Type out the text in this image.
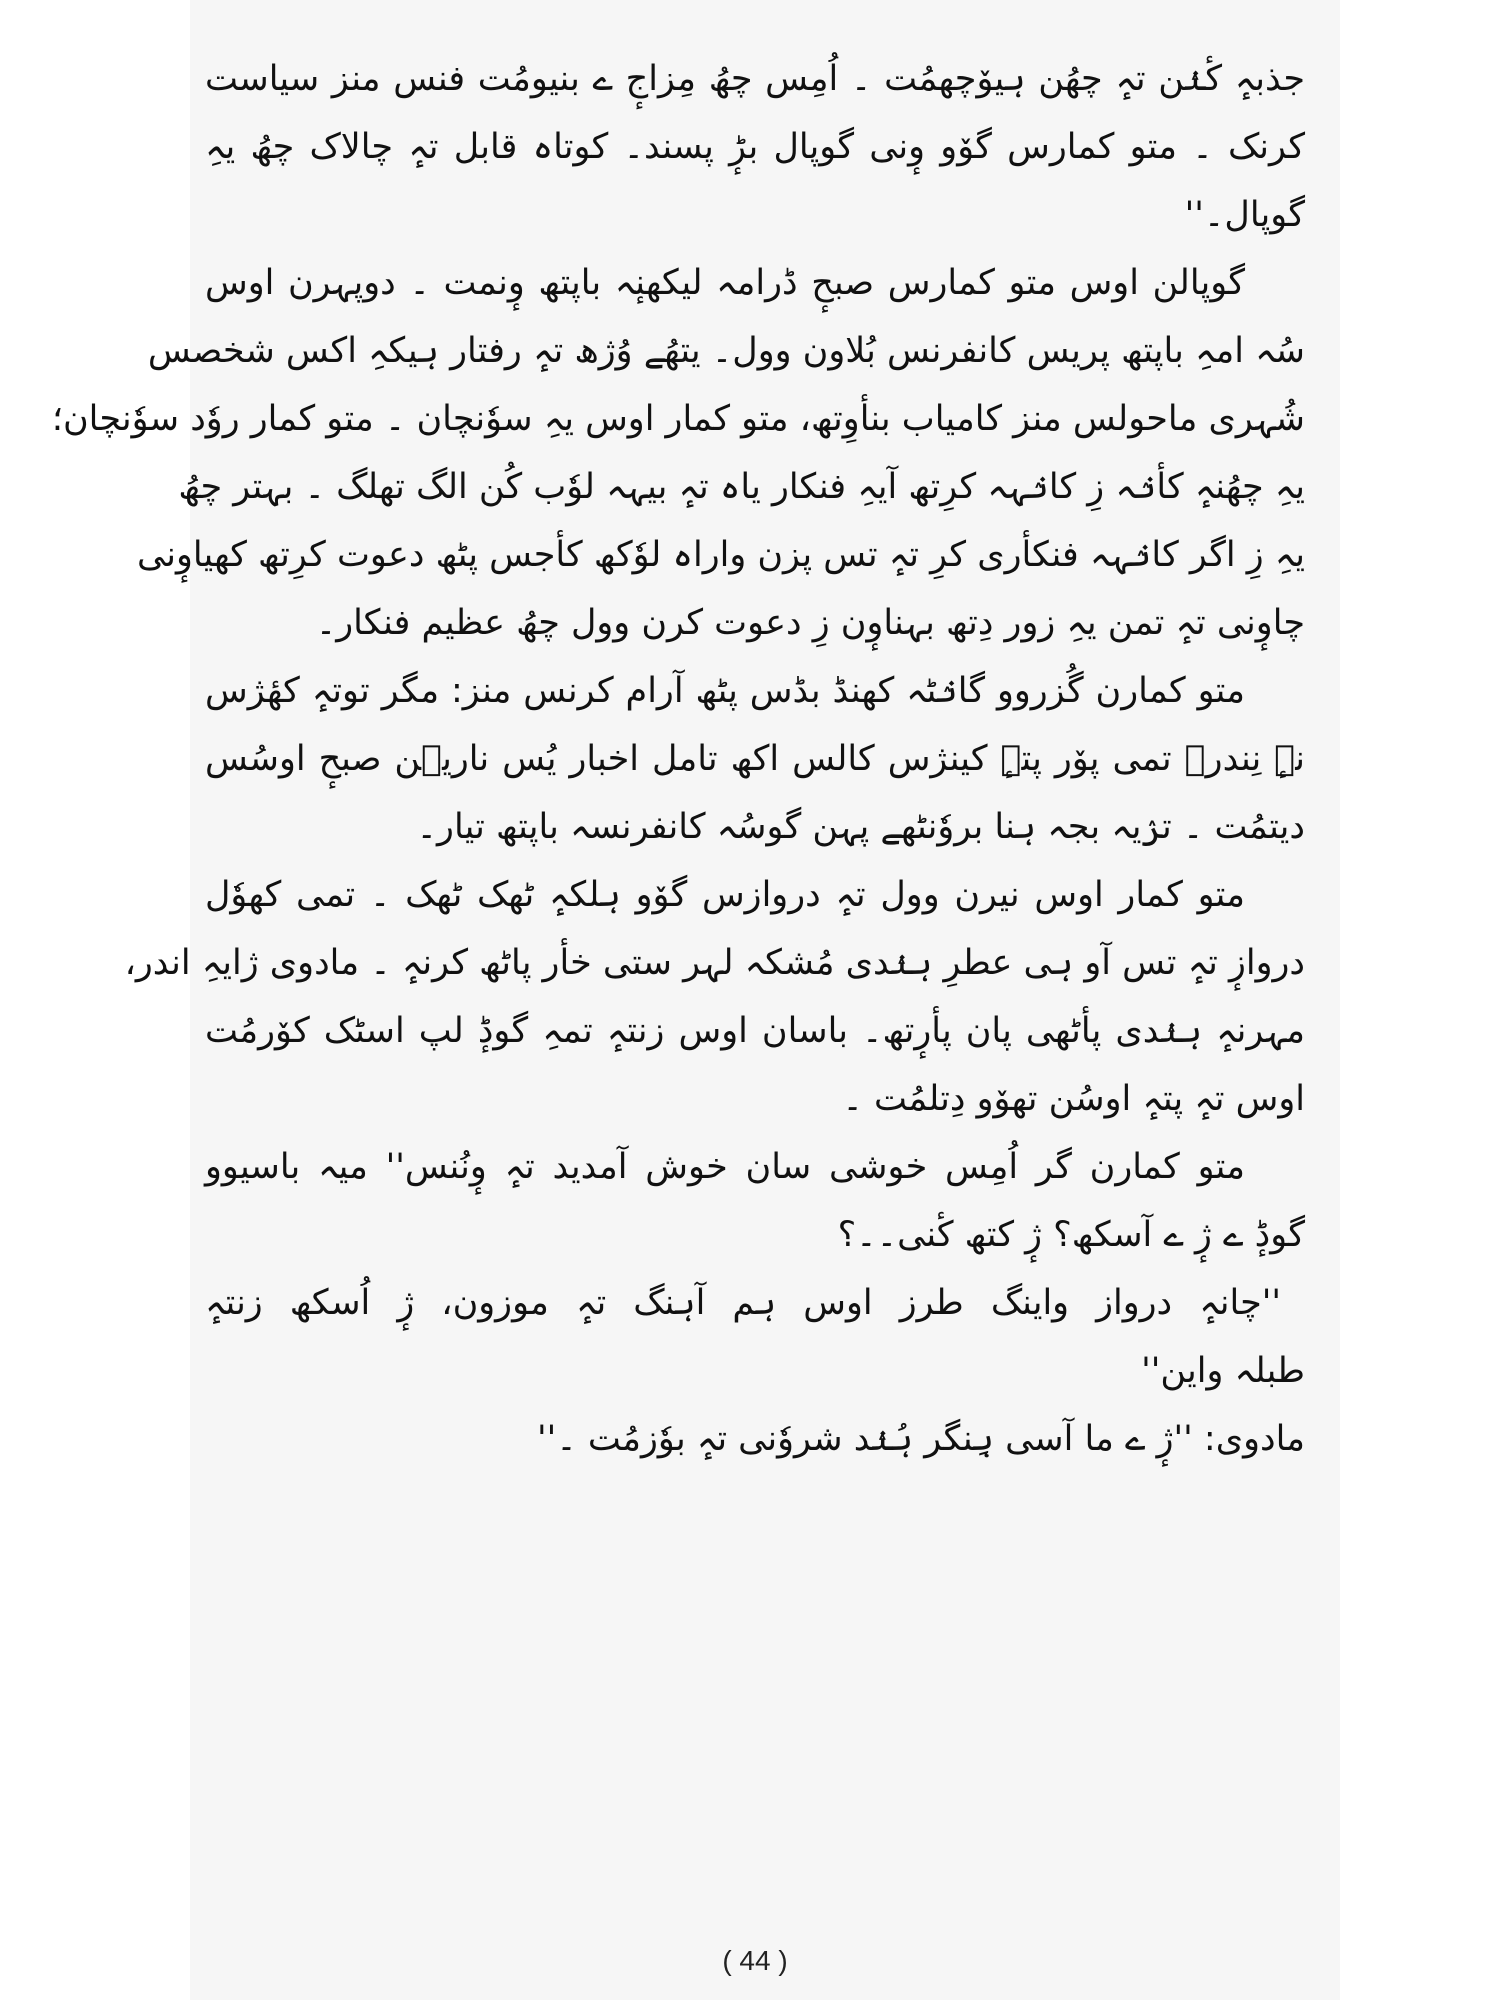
جذبہٕ کٔنٛن تہٕ چھُن ہیوٚچھمُت ۔ اُمِس چھُ مِزاجٕ ے بنیومُت فنس منز سیاست
کرنک ۔ متو کمارس گوٚو وٕنی گوپال بڑٕ پسند۔ کوتاہ قابل تہٕ چالاک چھُ یہِ
گوپال۔''
گوپالن اوس متو کمارس صبحٕ ڈرامہ لیکھنٕہ باپتھ وٕنمت ۔ دوپہرن اوس
سُہ امہِ باپتھ پریس کانفرنس بُلاون وول۔ یتھُے وُژھ تہٕ رفتار ہیکہِ اکس شخصس
شُہری ماحولس منز کامیاب بنأوِتھ، متو کمار اوس یہِ سوٗنچان ۔ متو کمار روٗد سوٗنچان؛
یہِ چھُنہٕ کأنٛہ زِ کانٛہہ کرِتھ آیہِ فنکار یاہ تہٕ بیہہ لوٗب کُن الگ تھلگ ۔ بہتر چھُ
یہِ زِ اگر کانٛہہ فنکأری کرِ تہٕ تس پزن واراہ لوٗکھ کأجس پٹھ دعوت کرِتھ کھیاوٕنی
چاوٕنی تہٕ تمن یہِ زور دِتھ بہناوٕن زِ دعوت کرن وول چھُ عظیم فنکار۔
متو کمارن گُزروو گانٛٹہ کھنڈ بڈس پٹھ آرام کرنس منز: مگر توتہٕ کھٔژس
نہٕ نِندر۔ تمی پوٚر پتہٕ کینژس کالس اکھ تامل اخبار یُس ناریٖن صبحٕ اوسُس
دیتمُت ۔ ترٛیہ بجہ ہنا بروٗنٹھے پہن گوسُہ کانفرنسہ باپتھ تیار۔
متو کمار اوس نیرن وول تہٕ دروازس گوٚو ہلکہٕ ٹھک ٹھک ۔ تمی کھوٗل
دروازٕ تہٕ تس آو ہی عطرِ ہنٛدی مُشکہ لہر ستی خأر پاٹھ کرنہٕ ۔ مادوی ژایہِ اندر،
مہرنہٕ ہنٛدی پأٹھی پان پأرٕتھ۔ باسان اوس زنتہٕ تمہِ گوڈٕ لپ اسٹک کوٚرمُت
اوس تہٕ پتہٕ اوسُن تھوٚو دِتلمُت ۔
متو کمارن گر اُمِس خوشی سان خوش آمدید تہٕ وٕنُنس'' میہ باسیوو
گوڈٕ ے ژٕ ے آسکھ؟ ژٕ کتھ کٔنی۔۔؟
''چانہٕ درواز واینگ طرز اوس ہم آہنگ تہٕ موزون، ژٕ اُسکھ زنتہٕ
طبلہ واین''
مادوی: ''ژٕ ے ما آسی ہِنگر ہُنٛد شروٗنی تہٕ بوٗزمُت ۔''
( 44 )
